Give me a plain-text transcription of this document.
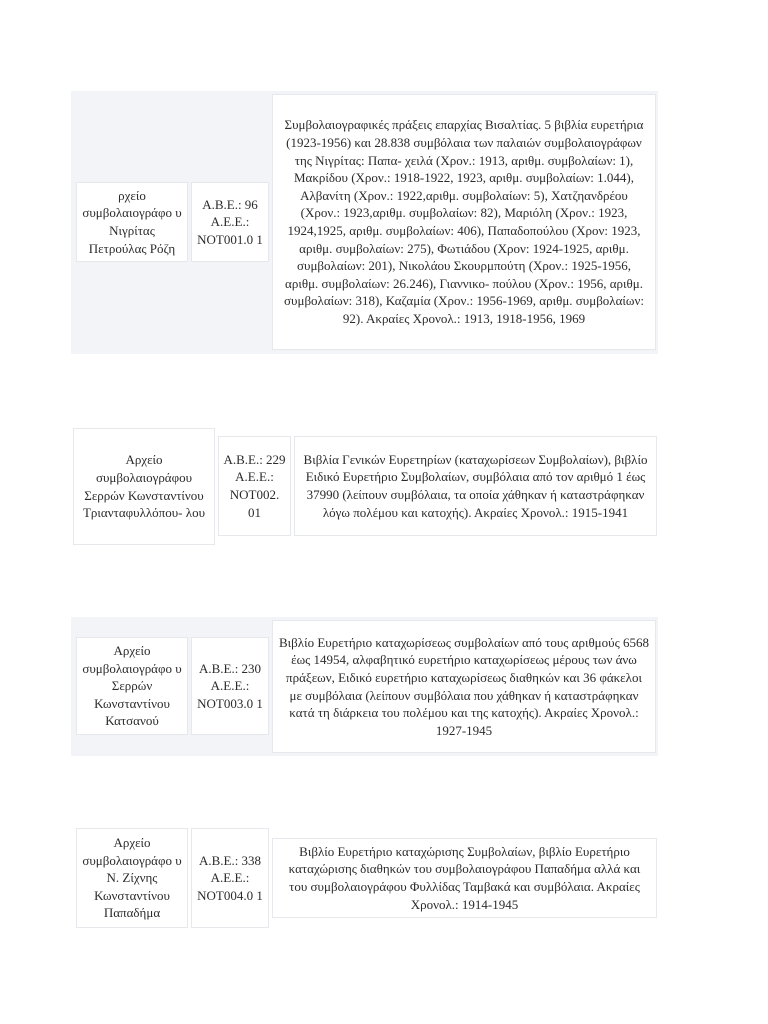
ρχείο συμβολαιογράφο υ Νιγρίτας Πετρούλας Ρόζη
Α.Β.Ε.: 96 Α.Ε.Ε.: NOT001.0 1
Συμβολαιογραφικές πράξεις επαρχίας Βισαλτίας. 5 βιβλία ευρετήρια (1923-1956) και 28.838 συμβόλαια των παλαιών συμβολαιογράφων της Νιγρίτας: Παπα- χειλά (Χρον.: 1913, αριθμ. συμβολαίων: 1), Μακρίδου (Χρον.: 1918-1922, 1923, αριθμ. συμβολαίων: 1.044), Αλβανίτη (Χρον.: 1922,αριθμ. συμβολαίων: 5), Χατζηανδρέου (Χρον.: 1923,αριθμ. συμβολαίων: 82), Μαριόλη (Χρον.: 1923, 1924,1925, αριθμ. συμβολαίων: 406), Παπαδοπούλου (Χρον: 1923, αριθμ. συμβολαίων: 275), Φωτιάδου (Χρον: 1924-1925, αριθμ. συμβολαίων: 201), Νικολάου Σκουρμπούτη (Χρον.: 1925-1956, αριθμ. συμβολαίων: 26.246), Γιαννικο- πούλου (Χρον.: 1956, αριθμ. συμβολαίων: 318), Καζαμία (Χρον.: 1956-1969, αριθμ. συμβολαίων: 92). Ακραίες Χρονολ.: 1913, 1918-1956, 1969
Αρχείο συμβολαιογράφου Σερρών Κωνσταντίνου Τριανταφυλλόπου- λου
Α.Β.Ε.: 229 Α.Ε.Ε.: NOT002. 01
Βιβλία Γενικών Ευρετηρίων (καταχωρίσεων Συμβολαίων), βιβλίο Ειδικό Ευρετήριο Συμβολαίων, συμβόλαια από τον αριθμό 1 έως 37990 (λείπουν συμβόλαια, τα οποία χάθηκαν ή καταστράφηκαν λόγω πολέμου και κατοχής). Ακραίες Χρονολ.: 1915-1941
Αρχείο συμβολαιογράφο υ Σερρών Κωνσταντίνου Κατσανού
Α.Β.Ε.: 230 Α.Ε.Ε.: NOT003.0 1
Βιβλίο Ευρετήριο καταχωρίσεως συμβολαίων από τους αριθμούς 6568 έως 14954, αλφαβητικό ευρετήριο καταχωρίσεως μέρους των άνω πράξεων, Ειδικό ευρετήριο καταχωρίσεως διαθηκών και 36 φάκελοι με συμβόλαια (λείπουν συμβόλαια που χάθηκαν ή καταστράφηκαν κατά τη διάρκεια του πολέμου και της κατοχής). Ακραίες Χρονολ.: 1927-1945
Αρχείο συμβολαιογράφο υ Ν. Ζίχνης Κωνσταντίνου Παπαδήμα
Α.Β.Ε.: 338 Α.Ε.Ε.: NOT004.0 1
Βιβλίο Ευρετήριο καταχώρισης Συμβολαίων, βιβλίο Ευρετήριο καταχώρισης διαθηκών του συμβολαιογράφου Παπαδήμα αλλά και του συμβολαιογράφου Φυλλίδας Ταμβακά και συμβόλαια. Ακραίες Χρονολ.: 1914-1945
